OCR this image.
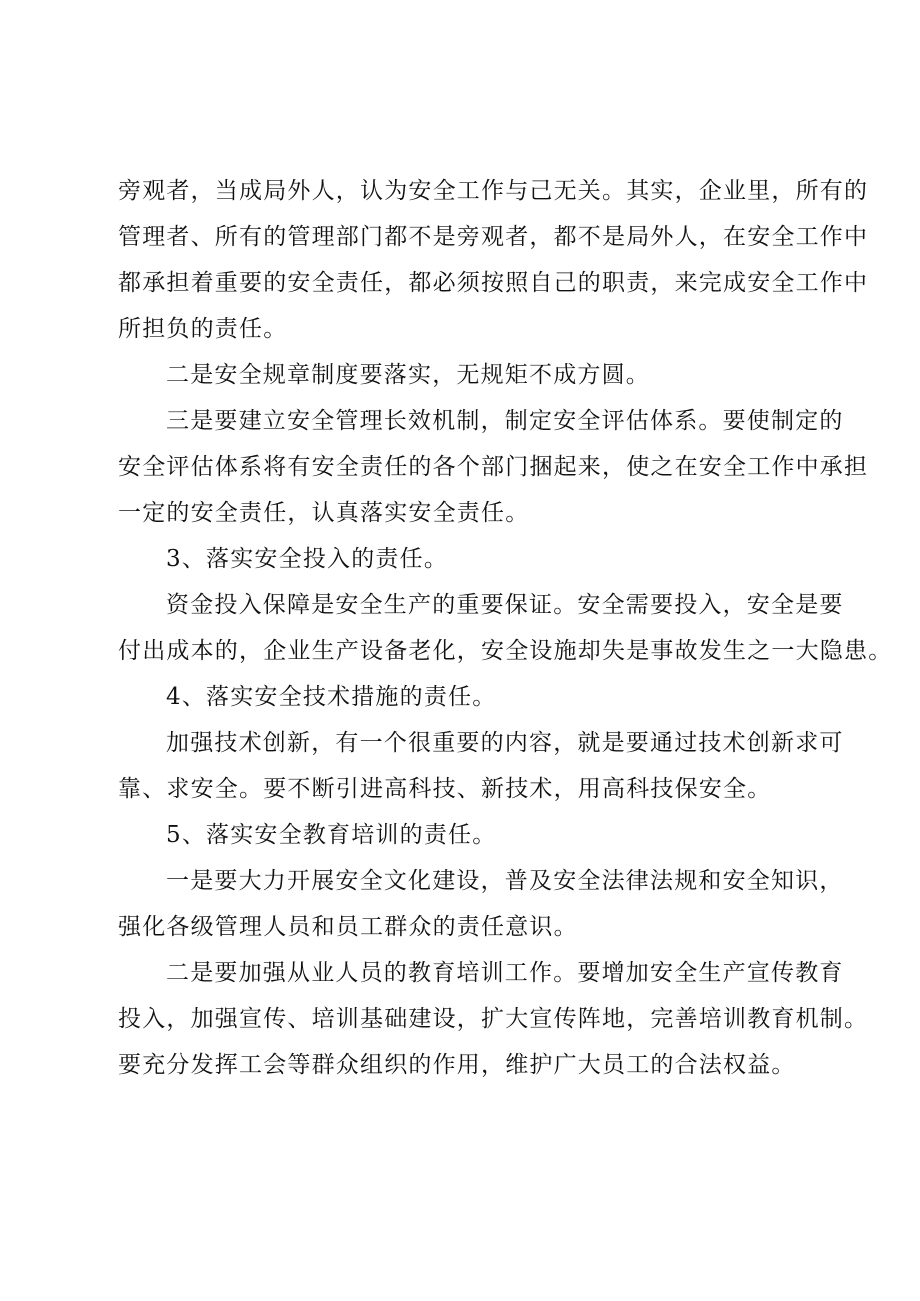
旁观者，当成局外人，认为安全工作与己无关。其实，企业里，所有的
管理者、所有的管理部门都不是旁观者，都不是局外人，在安全工作中
都承担着重要的安全责任，都必须按照自己的职责，来完成安全工作中
所担负的责任。
二是安全规章制度要落实，无规矩不成方圆。
三是要建立安全管理长效机制，制定安全评估体系。要使制定的
安全评估体系将有安全责任的各个部门捆起来，使之在安全工作中承担
一定的安全责任，认真落实安全责任。
3、落实安全投入的责任。
资金投入保障是安全生产的重要保证。安全需要投入，安全是要
付出成本的，企业生产设备老化，安全设施却失是事故发生之一大隐患。
4、落实安全技术措施的责任。
加强技术创新，有一个很重要的内容，就是要通过技术创新求可
靠、求安全。要不断引进高科技、新技术，用高科技保安全。
5、落实安全教育培训的责任。
一是要大力开展安全文化建设，普及安全法律法规和安全知识，
强化各级管理人员和员工群众的责任意识。
二是要加强从业人员的教育培训工作。要增加安全生产宣传教育
投入，加强宣传、培训基础建设，扩大宣传阵地，完善培训教育机制。
要充分发挥工会等群众组织的作用，维护广大员工的合法权益。
